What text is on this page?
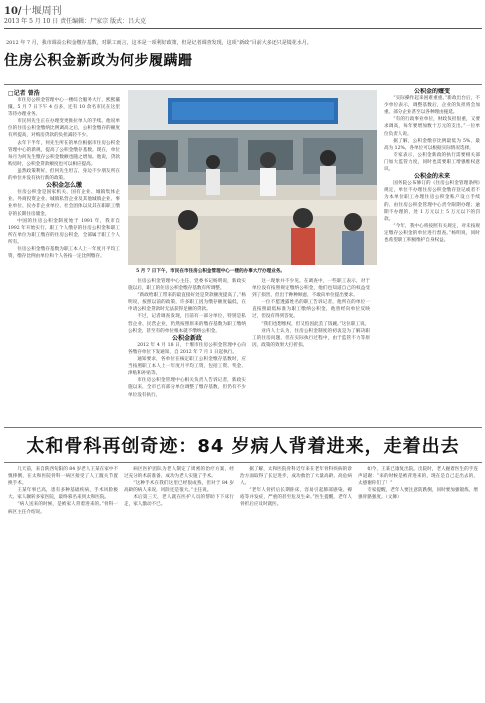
10/十堰周刊
2013 年 5 月 10 日 责任编辑：尸家宗 版式：吕大克
2012 年 7 月，我市调高公积金缴存基数，对职工而言，这本是一项利好政策，但是记者调查发现，这项“新政”目前大多还只是镜花水月。
住房公积金新政为何步履蹒跚
□记者 曾浩

市住房公积金管理中心一楼综合服务大厅，熙熙攘攘。5 月 7 日下午 4 点多，还有 10 余名市民在这里等待办理业务。

市民何先生正在办理变更推拉单人的手续。他说单位的住房公积金缴纳比例调高之后，公积金缴存的额度有所提高，对购房贷款的负担减轻不少。

去年下半年，何先生所在的单位根据市住房公积金管理中心的新规，提高了公积金缴存基数。现在，单位每月为何先生缴存公积金数额也随之增加。他说，贷款购房时，公积金贷款额度也可以相应提高。

虽然政策利好，但何先生坦言，身边不少朋友所在的单位并没有执行新的政策。

公积金怎么缴

住房公积金是国家机关、国有企业、城镇集体企业、外商投资企业、城镇私营企业及其他城镇企业、事业单位、民办非企业单位、社会团体以及其在职职工缴存的长期住房储金。

中国的住房公积金制度始于 1991 年，我市自 1992 年开始实行。职工个人缴存的住房公积金和职工所在单位为职工缴存的住房公积金，全部属于职工个人所有。

住房公积金缴存基数为职工本人上一年度月平均工资，缴存比例由单位和个人各按一定比例缴存。

5 月 7 日下午，市民在市住房公积金管理中心一楼的办事大厅办理业务。

住房公积金管理中心主任、党委书记杨明说，新政实施以后，职工的住房公积金缴存基数有所调整。

“新政给职工带来的最直接好处是贷款额度提高了。”杨明说，按照以前的政策，许多职工因为缴存额度偏低，在申请公积金贷款时无法获得足额的贷款。

不过，记者调查发现，目前有一部分单位，特别是私营企业、民营企业，仍然按照原来的缴存基数为职工缴纳公积金，甚至有的单位根本就不缴纳公积金。

公积金新政

2012 年 4 月 18 日，十堰市住房公积金管理中心向各缴存单位下发通知，自 2012 年 7 月 1 日起执行。

通知要求，各单位在核定职工公积金缴存基数时，应当按照职工本人上一年度月平均工资，包括工资、奖金、津贴和补贴等。

市住房公积金管理中心相关负责人告诉记者，新政实施以来，全市已有部分单位调整了缴存基数，但仍有不少单位没有执行。

这一现象并不少见。在调查中，一些职工表示，对于单位没有按照规定缴纳公积金，他们也知道自己的权益受到了损害，但出于种种顾虑，不敢向单位提出要求。

一位不愿透露姓名的职工告诉记者，他所在的单位一直按照最低标准为职工缴纳公积金，他曾经向单位反映过，但没有得到答复。

“我们也想维权，但又怕因此丢了饭碗。”这位职工说。

业内人士认为，住房公积金制度的初衷是为了解决职工的住房问题，但在实际执行过程中，由于监管不力等原因，政策的效果大打折扣。

公积金的嬗变

“实际操作起来困难重重。”新政出台后，不少单位表示，调整基数后，企业的负担将会加重。部分企业甚至以各种理由拖延。

“有的行政事业单位，财政负担很重，又要求调高，每年要增加数十万元的支出。”一位单位负责人说。

据了解，公积金缴存比例最低为 5%，最高为 12%，各单位可以根据实际情况选择。

专家表示，公积金新政的执行需要相关部门加大监管力度，同时也需要职工增强维权意识。

公积金的未来

国务院公布修订的《住房公积金管理条例》规定，单位不办理住房公积金缴存登记或者不为本单位职工办理住房公积金账户设立手续的，由住房公积金管理中心责令限期办理；逾期不办理的，处 1 万元以上 5 万元以下的罚款。

“今年，我中心将按照有关规定，对未按规定缴存公积金的单位进行督查。”杨明说，同时也希望职工积极维护自身权益。

太和骨科再创奇迹：84 岁病人背着进来，走着出去

几天前，来自陕西旬阳的 84 岁老人王某在家中不慎摔倒，在太和医院骨科一病区接受了人工髋关节置换手术。

王某年事已高，患有多种基础疾病，手术风险极大。家人辗转多家医院，最终慕名来到太和医院。

“病人送来的时候，是被家人背着进来的。”骨科一病区主任介绍说。

病区医护团队为老人制定了周密的治疗方案，经过充分的术前准备，成功为老人实施了手术。

“这种手术在我们这里已经很成熟，但对于 84 岁高龄的病人来说，风险还是很大。”主任说。

术后第三天，老人就在医护人员的帮助下下床行走，家人激动不已。

据了解，太和医院骨科近年来在老年骨科疾病的诊治方面取得了长足进步，成功救治了大量高龄、高危病人。

“老年人骨折后长期卧床，容易引起肺部感染、褥疮等并发症，严重的甚至危及生命。”医生提醒，老年人骨折后应及时就医。

如今，王某已康复出院。出院时，老人握着医生的手连声道谢：“来的时候是被背进来的，现在是自己走出去的，太感谢你们了！”

专家提醒，老年人要注意防跌倒，同时要加强锻炼，增强骨骼强度。（文舞）
